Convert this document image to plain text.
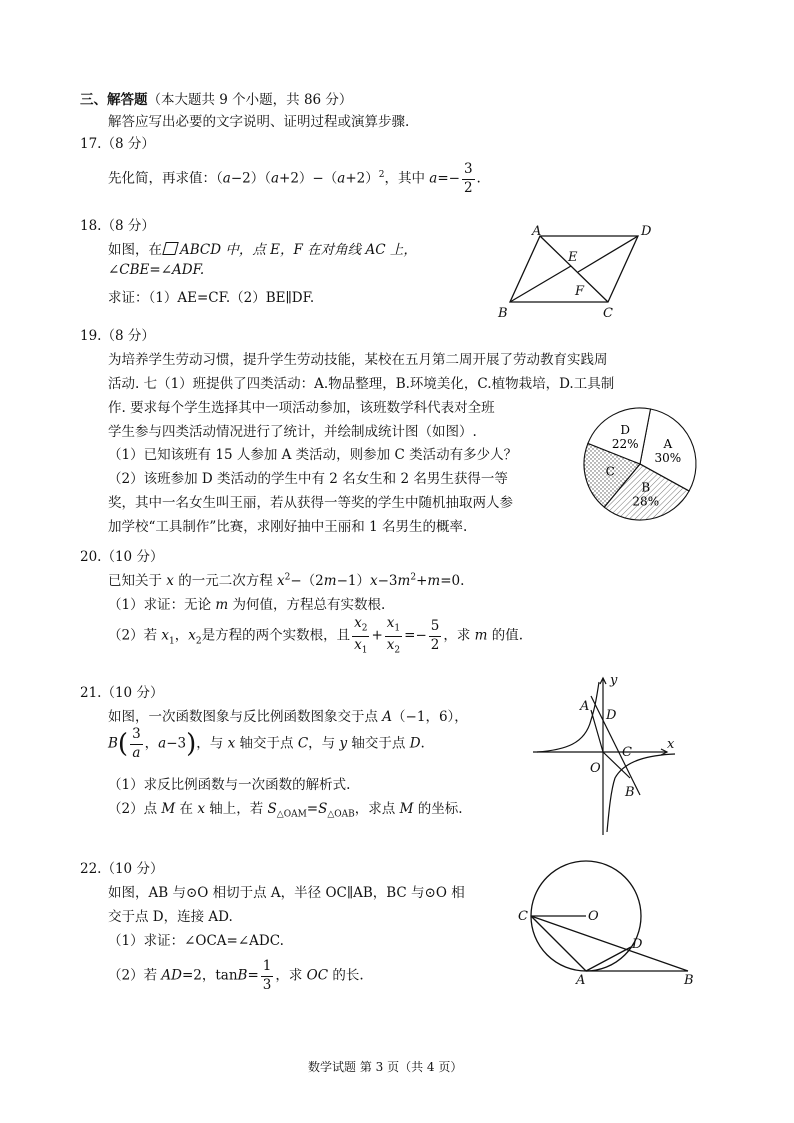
三、解答题（本大题共 9 个小题，共 86 分）
解答应写出必要的文字说明、证明过程或演算步骤.
17.（8 分）
先化简，再求值：$(a-2)(a+2)-(a+2)^2$，其中 $a=- \frac{3}{2}$ .
18.（8 分）
如图，在 ABCD 中，点 E，F 在对角线 AC 上，
∠CBE=∠ADF.
求证：（1）AE=CF.（2）BE∥DF.
A	D
E
F
B	C
19.（8 分）
为培养学生劳动习惯，提升学生劳动技能，某校在五月第二周开展了劳动教育实践周
活动. 七（1）班提供了四类活动：A.物品整理，B.环境美化，C.植物栽培，D.工具制
作. 要求每个学生选择其中一项活动参加，该班数学科代表对全班
学生参与四类活动情况进行了统计，并绘制成统计图（如图）.
（1）已知该班有 15 人参加 A 类活动，则参加 C 类活动有多少人？
（2）该班参加 D 类活动的学生中有 2 名女生和 2 名男生获得一等
奖，其中一名女生叫王丽，若从获得一等奖的学生中随机抽取两人参
加学校“工具制作”比赛，求刚好抽中王丽和 1 名男生的概率.
A
30%
B
28%
C
D
22%
20.（10 分）
已知关于 x 的一元二次方程 $x^2-(2m-1)x-3m^2+m=0$.
（1）求证：无论 m 为何值，方程总有实数根.
（2）若 $x_1$，$x_2$是方程的两个实数根，且 $\frac{x_2}{x_1} + \frac{x_1}{x_2} =- \frac{5}{2}$ ，求 m 的值.
21.（10 分）
如图，一次函数图象与反比例函数图象交于点 A（−1，6），
$B( \frac{3}{a}$ ，a−3)，与 x 轴交于点 C，与 y 轴交于点 D.
（1）求反比例函数与一次函数的解析式.
（2）点 M 在 x 轴上，若 $S_{\triangle OAM}=S_{\triangle OAB}$，求点 M 的坐标.
y
x
A
D
C
O
B
22.（10 分）
如图，AB 与⊙O 相切于点 A，半径 OC∥AB，BC 与⊙O 相
交于点 D，连接 AD.
（1）求证：∠OCA=∠ADC.
（2）若 AD=2，$\tan B= \frac{1}{3}$ ，求 OC 的长.
C	O
D
A	B
数学试题 第 3 页（共 4 页）
